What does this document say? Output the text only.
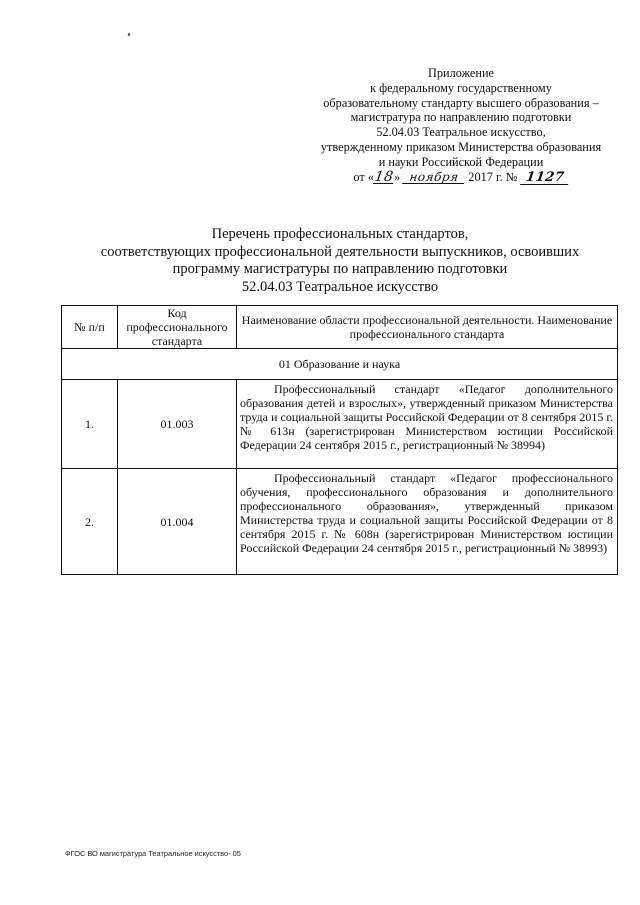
Приложение
к федеральному государственному
образовательному стандарту высшего образования –
магистратура по направлению подготовки
52.04.03 Театральное искусство,
утвержденному приказом Министерства образования
и науки Российской Федерации
от «18» ноября 2017 г. № 1127
Перечень профессиональных стандартов,
соответствующих профессиональной деятельности выпускников, освоивших
программу магистратуры по направлению подготовки
52.04.03 Театральное искусство
№ п/п	Код профессионального стандарта	Наименование области профессиональной деятельности. Наименование профессионального стандарта
01 Образование и наука		
1.	01.003	Профессиональный стандарт «Педагог дополнительного образования детей и взрослых», утвержденный приказом Министерства труда и социальной защиты Российской Федерации от 8 сентября 2015 г. № 613н (зарегистрирован Министерством юстиции Российской Федерации 24 сентября 2015 г., регистрационный № 38994)
2.	01.004	Профессиональный стандарт «Педагог профессионального обучения, профессионального образования и дополнительного профессионального образования», утвержденный приказом Министерства труда и социальной защиты Российской Федерации от 8 сентября 2015 г. № 608н (зарегистрирован Министерством юстиции Российской Федерации 24 сентября 2015 г., регистрационный № 38993)
ФГОС ВО магистратура Театральное искусство- 05
